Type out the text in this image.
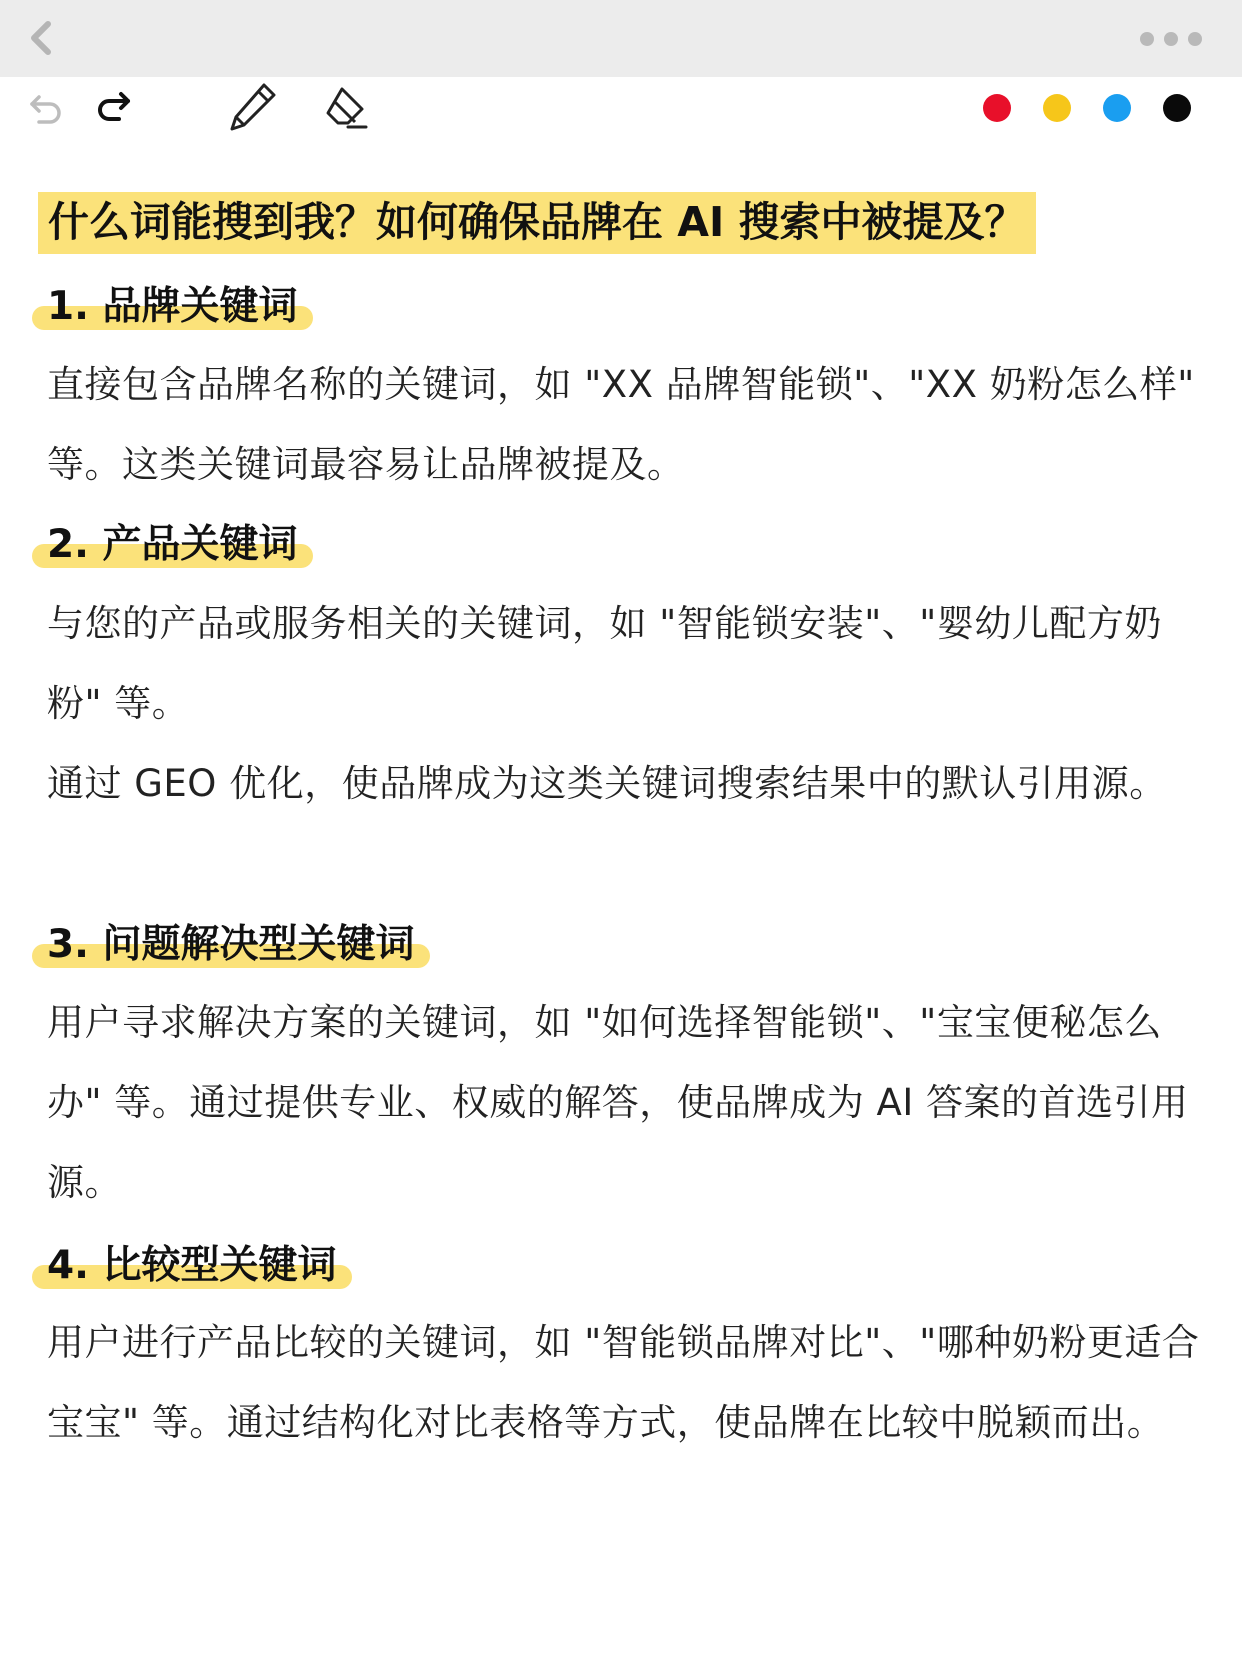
什么词能搜到我？如何确保品牌在 AI 搜索中被提及？
1. 品牌关键词
直接包含品牌名称的关键词，如 "XX 品牌智能锁"、"XX 奶粉怎么样" 等。这类关键词最容易让品牌被提及。
2. 产品关键词
与您的产品或服务相关的关键词，如 "智能锁安装"、"婴幼儿配方奶粉" 等。
通过 GEO 优化，使品牌成为这类关键词搜索结果中的默认引用源。
3. 问题解决型关键词
用户寻求解决方案的关键词，如 "如何选择智能锁"、"宝宝便秘怎么办" 等。通过提供专业、权威的解答，使品牌成为 AI 答案的首选引用源。
4. 比较型关键词
用户进行产品比较的关键词，如 "智能锁品牌对比"、"哪种奶粉更适合宝宝" 等。通过结构化对比表格等方式，使品牌在比较中脱颖而出。
